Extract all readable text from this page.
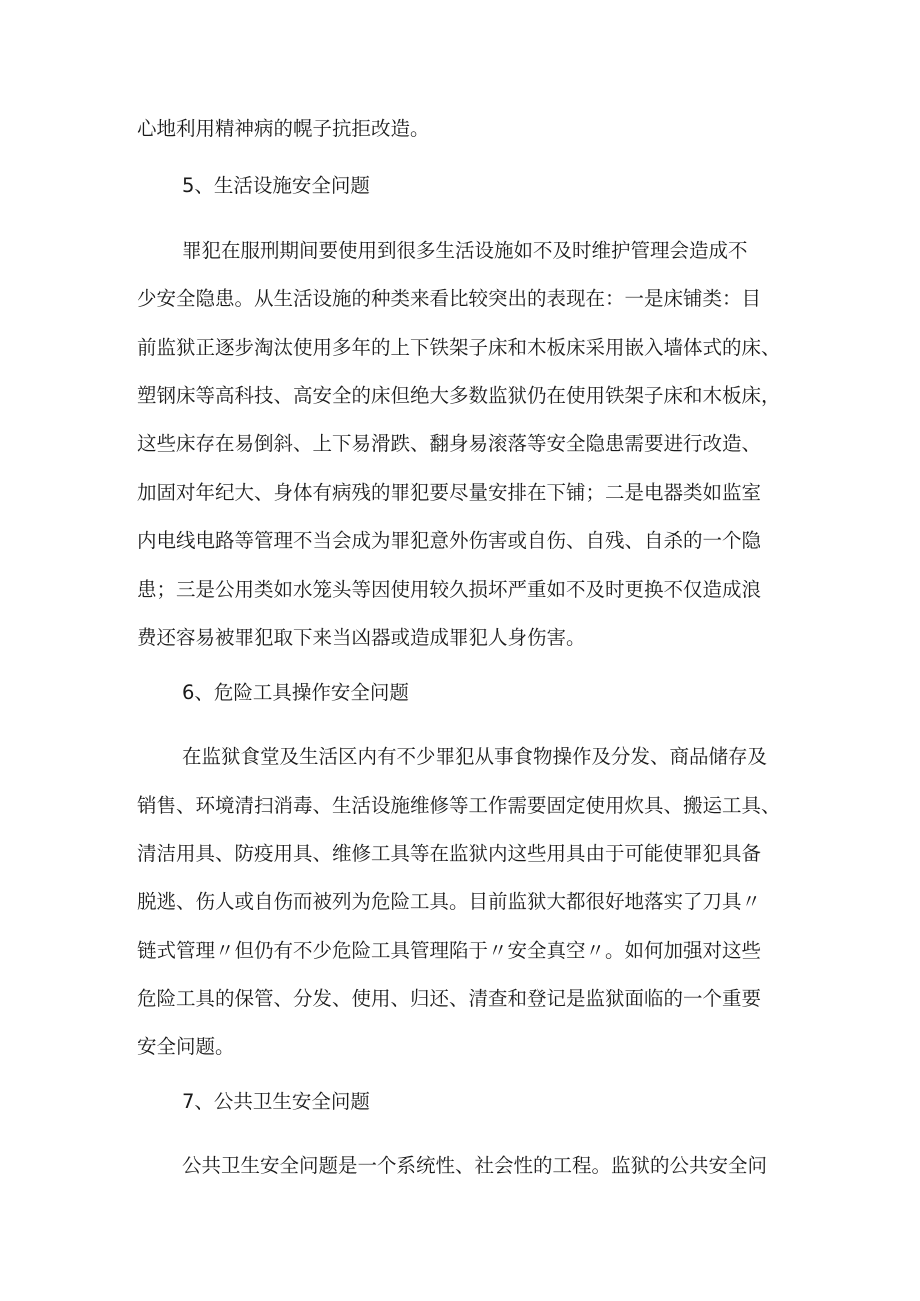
心地利用精神病的幌子抗拒改造。
5、生活设施安全问题
罪犯在服刑期间要使用到很多生活设施如不及时维护管理会造成不
少安全隐患。从生活设施的种类来看比较突出的表现在：一是床铺类：目
前监狱正逐步淘汰使用多年的上下铁架子床和木板床采用嵌入墙体式的床、
塑钢床等高科技、高安全的床但绝大多数监狱仍在使用铁架子床和木板床，
这些床存在易倒斜、上下易滑跌、翻身易滚落等安全隐患需要进行改造、
加固对年纪大、身体有病残的罪犯要尽量安排在下铺；二是电器类如监室
内电线电路等管理不当会成为罪犯意外伤害或自伤、自残、自杀的一个隐
患；三是公用类如水笼头等因使用较久损坏严重如不及时更换不仅造成浪
费还容易被罪犯取下来当凶器或造成罪犯人身伤害。
6、危险工具操作安全问题
在监狱食堂及生活区内有不少罪犯从事食物操作及分发、商品储存及
销售、环境清扫消毒、生活设施维修等工作需要固定使用炊具、搬运工具、
清洁用具、防疫用具、维修工具等在监狱内这些用具由于可能使罪犯具备
脱逃、伤人或自伤而被列为危险工具。目前监狱大都很好地落实了刀具〃
链式管理〃但仍有不少危险工具管理陷于〃安全真空〃。如何加强对这些
危险工具的保管、分发、使用、归还、清查和登记是监狱面临的一个重要
安全问题。
7、公共卫生安全问题
公共卫生安全问题是一个系统性、社会性的工程。监狱的公共安全问
